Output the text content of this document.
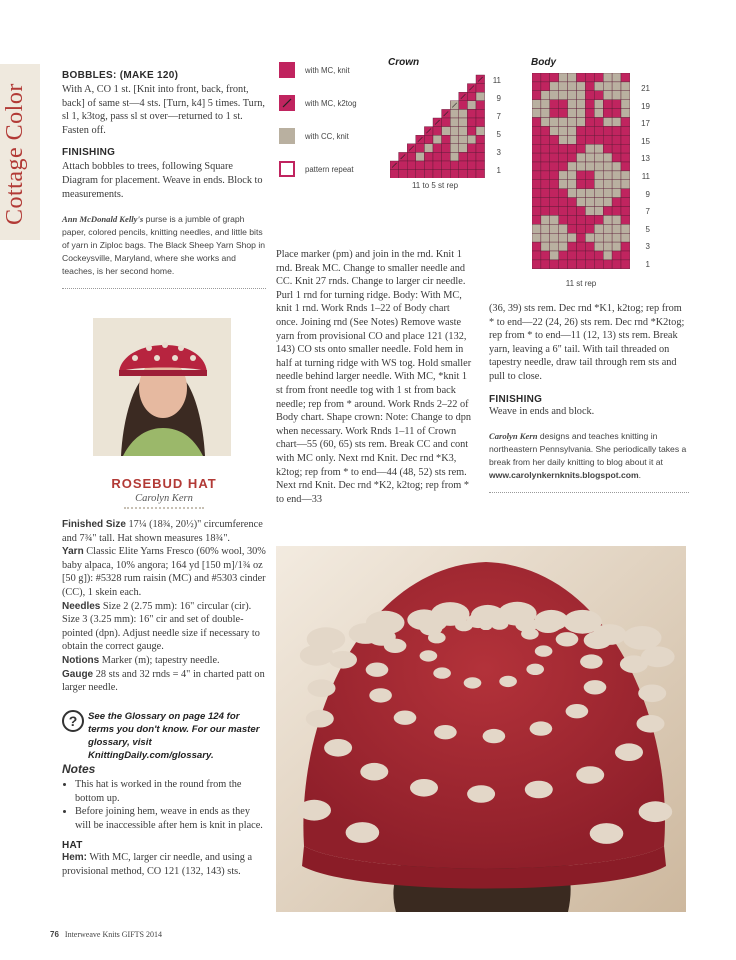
Cottage Color
BOBBLES: (MAKE 120)
With A, CO 1 st. [Knit into front, back, front, back] of same st—4 sts. [Turn, k4] 5 times. Turn, sl 1, k3tog, pass sl st over—returned to 1 st. Fasten off.
FINISHING
Attach bobbles to trees, following Square Diagram for placement. Weave in ends. Block to measurements.
Ann McDonald Kelly's purse is a jumble of graph paper, colored pencils, knitting needles, and little bits of yarn in Ziploc bags. The Black Sheep Yarn Shop in Cockeysville, Maryland, where she works and teaches, is her second home.
ROSEBUD HAT
Carolyn Kern
Finished Size 17¼ (18¾, 20½)" circumference and 7¾" tall. Hat shown measures 18¾".
Yarn Classic Elite Yarns Fresco (60% wool, 30% baby alpaca, 10% angora; 164 yd [150 m]/1¾ oz [50 g]): #5328 rum raisin (MC) and #5303 cinder (CC), 1 skein each.
Needles Size 2 (2.75 mm): 16" circular (cir). Size 3 (3.25 mm): 16" cir and set of double-pointed (dpn). Adjust needle size if necessary to obtain the correct gauge.
Notions Marker (m); tapestry needle.
Gauge 28 sts and 32 rnds = 4" in charted patt on larger needle.
?	See the Glossary on page 124 for terms you don't know. For our master glossary, visit KnittingDaily.com/glossary.
Notes
• This hat is worked in the round from the bottom up.
• Before joining hem, weave in ends as they will be inaccessible after hem is knit in place.
HAT
Hem: With MC, larger cir needle, and using a provisional method, CO 121 (132, 143) sts.
with MC, knit
with MC, k2tog
with CC, knit
pattern repeat
Crown
11
9
7
5
3
1
11 to 5 st rep
Body
21
19
17
15
13
11
9
7
5
3
1
11 st rep
Place marker (pm) and join in the rnd. Knit 1 rnd. Break MC. Change to smaller needle and CC. Knit 27 rnds. Change to larger cir needle. Purl 1 rnd for turning ridge. Body: With MC, knit 1 rnd. Work Rnds 1–22 of Body chart once. Joining rnd (See Notes) Remove waste yarn from provisional CO and place 121 (132, 143) CO sts onto smaller needle. Fold hem in half at turning ridge with WS tog. Hold smaller needle behind larger needle. With MC, *knit 1 st from front needle tog with 1 st from back needle; rep from * around. Work Rnds 2–22 of Body chart. Shape crown: Note: Change to dpn when necessary. Work Rnds 1–11 of Crown chart—55 (60, 65) sts rem. Break CC and cont with MC only. Next rnd Knit. Dec rnd *K3, k2tog; rep from * to end—44 (48, 52) sts rem. Next rnd Knit. Dec rnd *K2, k2tog; rep from * to end—33
(36, 39) sts rem. Dec rnd *K1, k2tog; rep from * to end—22 (24, 26) sts rem. Dec rnd *K2tog; rep from * to end—11 (12, 13) sts rem. Break yarn, leaving a 6" tail. With tail threaded on tapestry needle, draw tail through rem sts and pull to close.
FINISHING
Weave in ends and block.
Carolyn Kern designs and teaches knitting in northeastern Pennsylvania. She periodically takes a break from her daily knitting to blog about it at www.carolynkernknits.blogspot.com.
76 Interweave Knits GIFTS 2014
